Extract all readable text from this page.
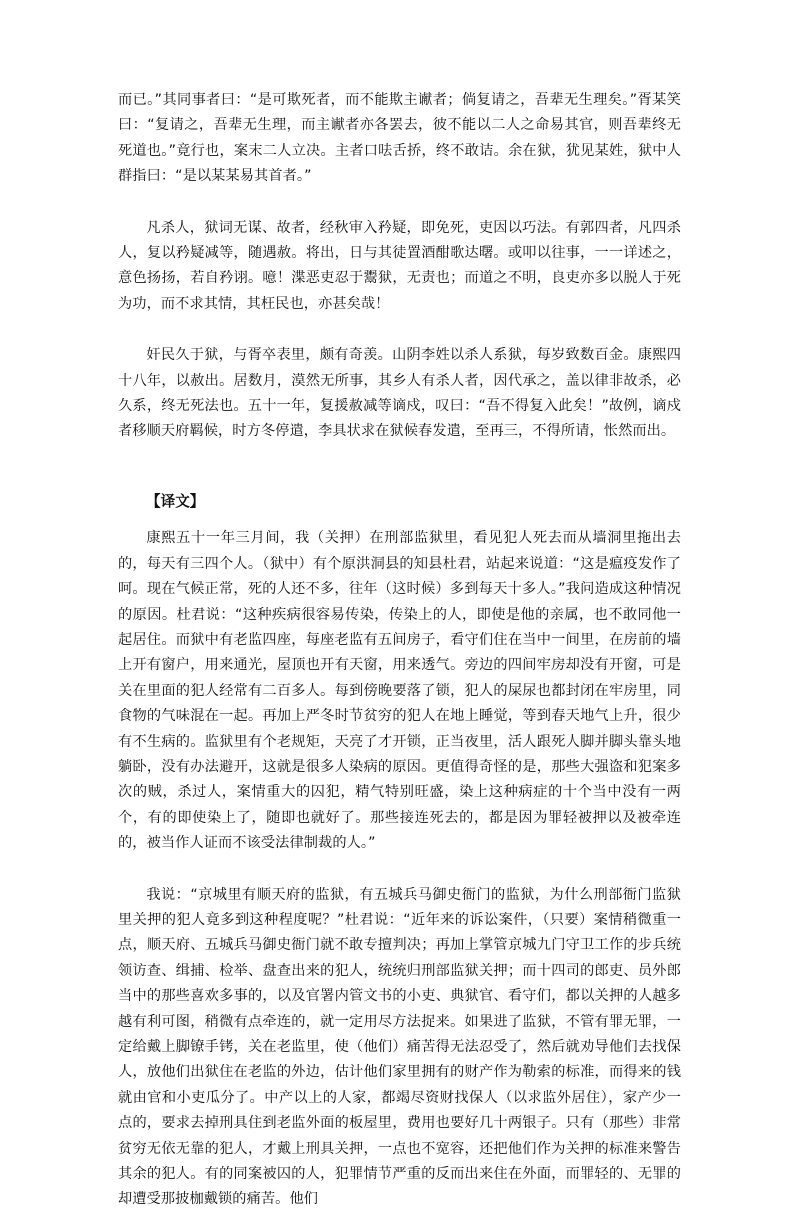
而已。”其同事者曰：“是可欺死者，而不能欺主谳者；倘复请之，吾辈无生理矣。”胥某笑曰：“复请之，吾辈无生理，而主谳者亦各罢去，彼不能以二人之命易其官，则吾辈终无死道也。”竟行也，案末二人立决。主者口呿舌挢，终不敢诘。余在狱，犹见某姓，狱中人群指曰：“是以某某易其首者。”

凡杀人，狱词无谋、故者，经秋审入矜疑，即免死，吏因以巧法。有郭四者，凡四杀人，复以矜疑减等，随遇赦。将出，日与其徒置酒酣歌达曙。或叩以往事，一一详述之，意色扬扬，若自矜诩。噫！渫恶吏忍于鬻狱，无责也；而道之不明，良吏亦多以脱人于死为功，而不求其情，其枉民也，亦甚矣哉！

奸民久于狱，与胥卒表里，颇有奇羡。山阴李姓以杀人系狱，每岁致数百金。康熙四十八年，以赦出。居数月，漠然无所事，其乡人有杀人者，因代承之，盖以律非故杀，必久系，终无死法也。五十一年，复援赦减等谪戍，叹曰：“吾不得复入此矣！”故例，谪戍者移顺天府羁候，时方冬停遣，李具状求在狱候春发遣，至再三，不得所请，怅然而出。

【译文】

康熙五十一年三月间，我（关押）在刑部监狱里，看见犯人死去而从墙洞里拖出去的，每天有三四个人。（狱中）有个原洪洞县的知县杜君，站起来说道：“这是瘟疫发作了呵。现在气候正常，死的人还不多，往年（这时候）多到每天十多人。”我问造成这种情况的原因。杜君说：“这种疾病很容易传染，传染上的人，即使是他的亲属，也不敢同他一起居住。而狱中有老监四座，每座老监有五间房子，看守们住在当中一间里，在房前的墙上开有窗户，用来通光，屋顶也开有天窗，用来透气。旁边的四间牢房却没有开窗，可是关在里面的犯人经常有二百多人。每到傍晚要落了锁，犯人的屎尿也都封闭在牢房里，同食物的气味混在一起。再加上严冬时节贫穷的犯人在地上睡觉，等到春天地气上升，很少有不生病的。监狱里有个老规矩，天亮了才开锁，正当夜里，活人跟死人脚并脚头靠头地躺卧，没有办法避开，这就是很多人染病的原因。更值得奇怪的是，那些大强盗和犯案多次的贼，杀过人，案情重大的囚犯，精气特别旺盛，染上这种病症的十个当中没有一两个，有的即使染上了，随即也就好了。那些接连死去的，都是因为罪轻被押以及被牵连的，被当作人证而不该受法律制裁的人。”

我说：“京城里有顺天府的监狱，有五城兵马御史衙门的监狱，为什么刑部衙门监狱里关押的犯人竟多到这种程度呢？”杜君说：“近年来的诉讼案件，（只要）案情稍微重一点，顺天府、五城兵马御史衙门就不敢专擅判决；再加上掌管京城九门守卫工作的步兵统领访查、缉捕、检举、盘查出来的犯人，统统归刑部监狱关押；而十四司的郎吏、员外郎当中的那些喜欢多事的，以及官署内管文书的小吏、典狱官、看守们，都以关押的人越多越有利可图，稍微有点牵连的，就一定用尽方法捉来。如果进了监狱，不管有罪无罪，一定给戴上脚镣手铐，关在老监里，使（他们）痛苦得无法忍受了，然后就劝导他们去找保人，放他们出狱住在老监的外边，估计他们家里拥有的财产作为勒索的标准，而得来的钱就由官和小吏瓜分了。中产以上的人家，都竭尽资财找保人（以求监外居住），家产少一点的，要求去掉刑具住到老监外面的板屋里，费用也要好几十两银子。只有（那些）非常贫穷无依无靠的犯人，才戴上刑具关押，一点也不宽容，还把他们作为关押的标准来警告其余的犯人。有的同案被囚的人，犯罪情节严重的反而出来住在外面，而罪轻的、无罪的却遭受那披枷戴锁的痛苦。他们
